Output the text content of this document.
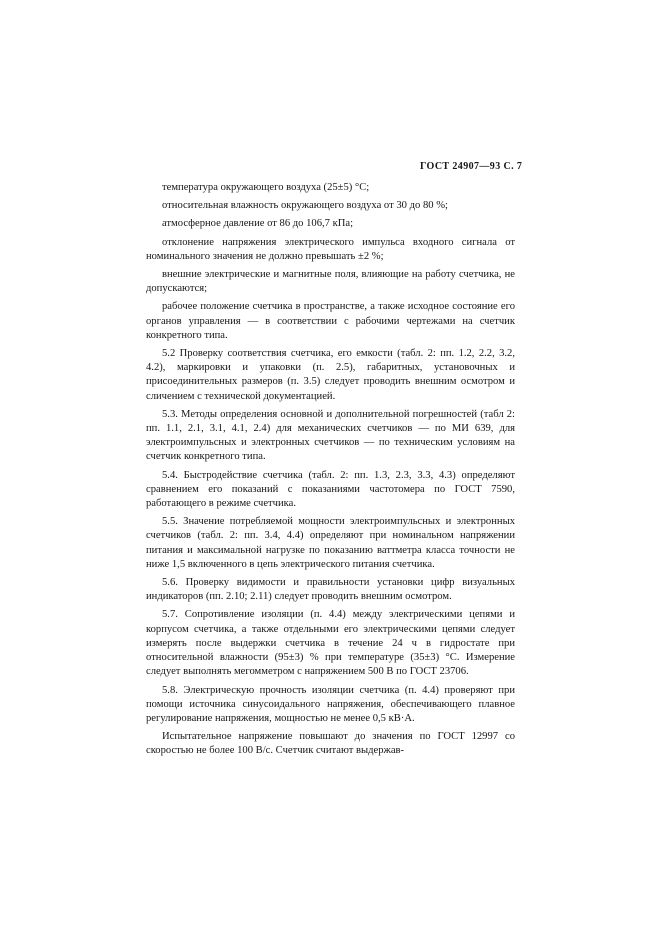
ГОСТ 24907—93 С. 7

температура окружающего воздуха (25±5) °С;

относительная влажность окружающего воздуха от 30 до 80 %;

атмосферное давление от 86 до 106,7 кПа;

отклонение напряжения электрического импульса входного сигнала от номинального значения не должно превышать ±2 %;

внешние электрические и магнитные поля, влияющие на работу счетчика, не допускаются;

рабочее положение счетчика в пространстве, а также исходное состояние его органов управления — в соответствии с рабочими чертежами на счетчик конкретного типа.

5.2 Проверку соответствия счетчика, его емкости (табл. 2: пп. 1.2, 2.2, 3.2, 4.2), маркировки и упаковки (п. 2.5), габаритных, установочных и присоединительных размеров (п. 3.5) следует проводить внешним осмотром и сличением с технической документацией.

5.3. Методы определения основной и дополнительной погрешностей (табл 2: пп. 1.1, 2.1, 3.1, 4.1, 2.4) для механических счетчиков — по МИ 639, для электроимпульсных и электронных счетчиков — по техническим условиям на счетчик конкретного типа.

5.4. Быстродействие счетчика (табл. 2: пп. 1.3, 2.3, 3.3, 4.3) определяют сравнением его показаний с показаниями частотомера по ГОСТ 7590, работающего в режиме счетчика.

5.5. Значение потребляемой мощности электроимпульсных и электронных счетчиков (табл. 2: пп. 3.4, 4.4) определяют при номинальном напряжении питания и максимальной нагрузке по показанию ваттметра класса точности не ниже 1,5 включенного в цепь электрического питания счетчика.

5.6. Проверку видимости и правильности установки цифр визуальных индикаторов (пп. 2.10; 2.11) следует проводить внешним осмотром.

5.7. Сопротивление изоляции (п. 4.4) между электрическими цепями и корпусом счетчика, а также отдельными его электрическими цепями следует измерять после выдержки счетчика в течение 24 ч в гидростате при относительной влажности (95±3) % при температуре (35±3) °С. Измерение следует выполнять мегомметром с напряжением 500 В по ГОСТ 23706.

5.8. Электрическую прочность изоляции счетчика (п. 4.4) проверяют при помощи источника синусоидального напряжения, обеспечивающего плавное регулирование напряжения, мощностью не менее 0,5 кВ·А.

Испытательное напряжение повышают до значения по ГОСТ 12997 со скоростью не более 100 В/с. Счетчик считают выдержав-
